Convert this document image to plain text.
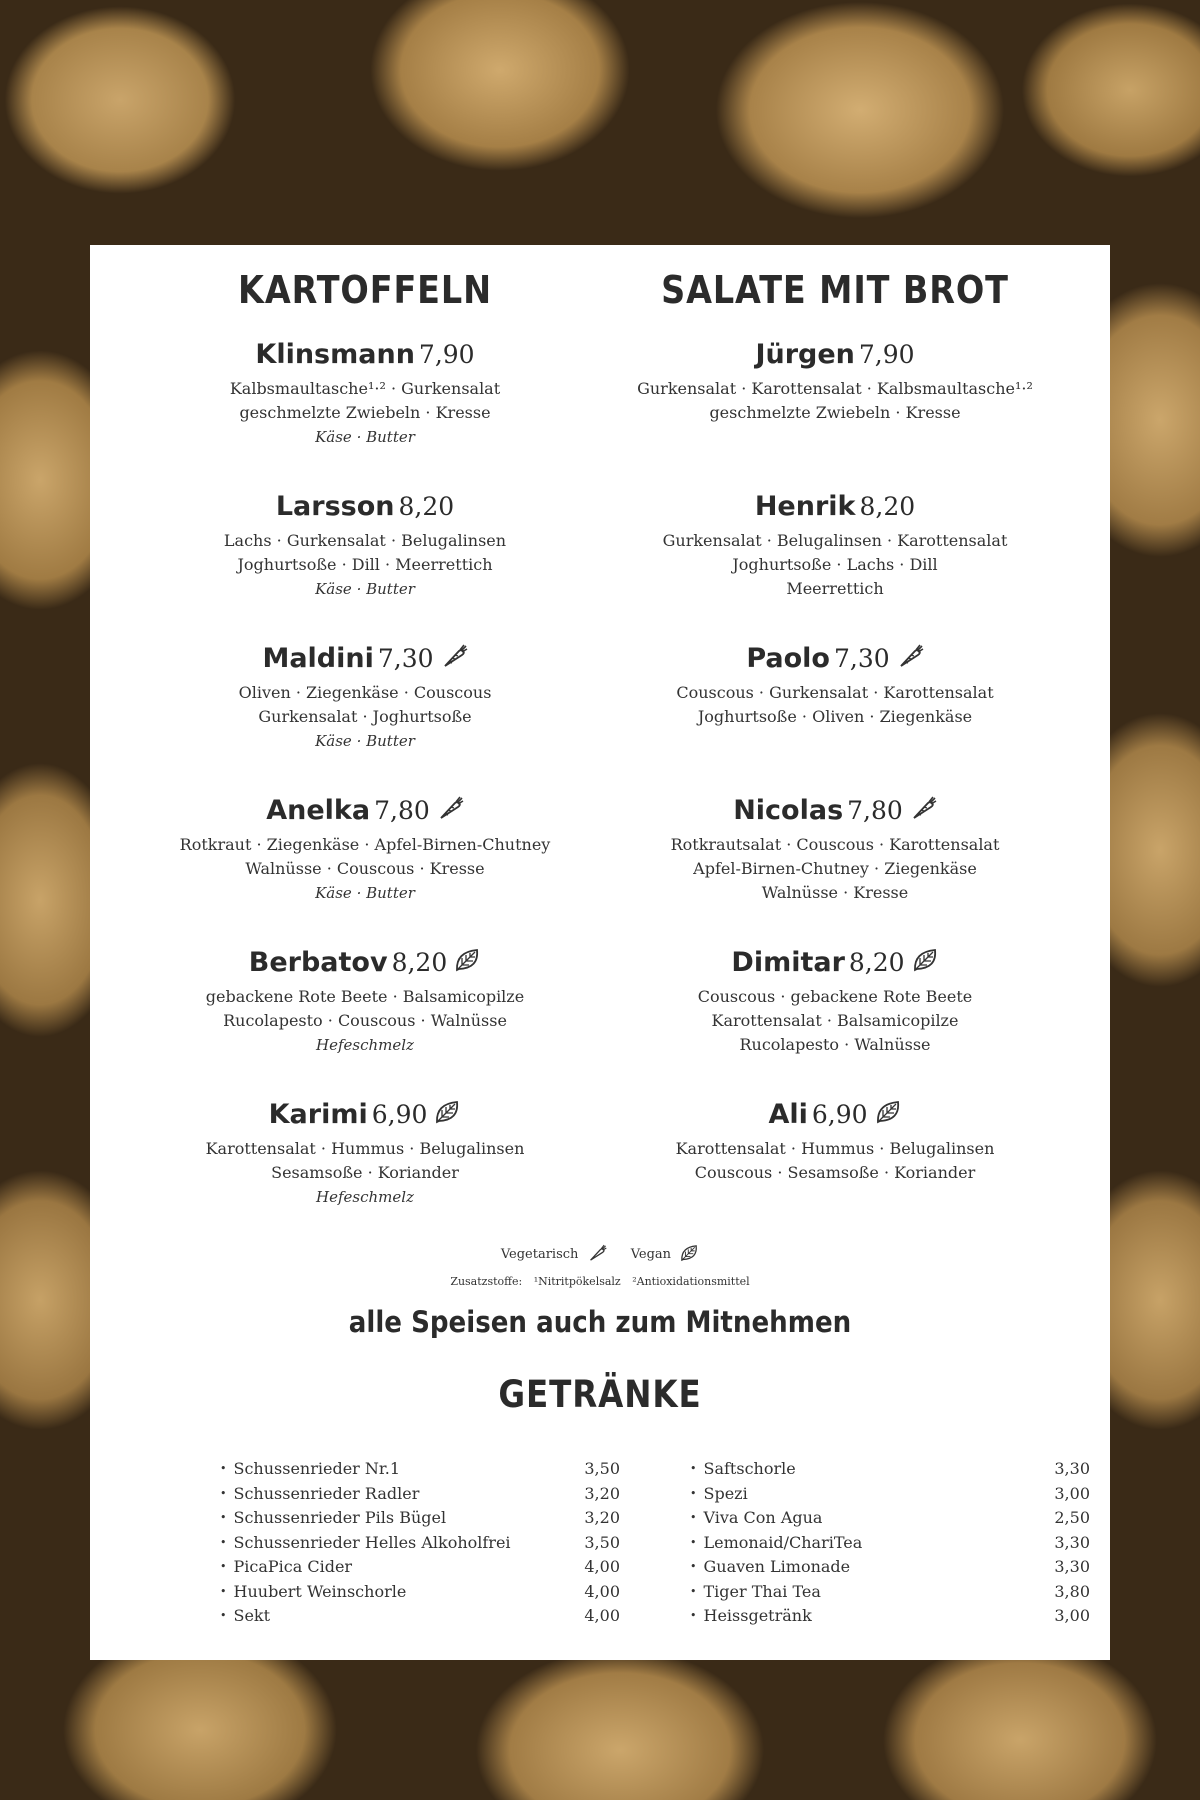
KARTOFFELN
Klinsmann 7,90
Kalbsmaultasche¹·² · Gurkensalat
geschmelzte Zwiebeln · Kresse
Käse · Butter
Larsson 8,20
Lachs · Gurkensalat · Belugalinsen
Joghurtsoße · Dill · Meerrettich
Käse · Butter
Maldini 7,30
Oliven · Ziegenkäse · Couscous
Gurkensalat · Joghurtsoße
Käse · Butter
Anelka 7,80
Rotkraut · Ziegenkäse · Apfel-Birnen-Chutney
Walnüsse · Couscous · Kresse
Käse · Butter
Berbatov 8,20
gebackene Rote Beete · Balsamicopilze
Rucolapesto · Couscous · Walnüsse
Hefeschmelz
Karimi 6,90
Karottensalat · Hummus · Belugalinsen
Sesamsoße · Koriander
Hefeschmelz
SALATE MIT BROT
Jürgen 7,90
Gurkensalat · Karottensalat · Kalbsmaultasche¹·²
geschmelzte Zwiebeln · Kresse
Henrik 8,20
Gurkensalat · Belugalinsen · Karottensalat
Joghurtsoße · Lachs · Dill
Meerrettich
Paolo 7,30
Couscous · Gurkensalat · Karottensalat
Joghurtsoße · Oliven · Ziegenkäse
Nicolas 7,80
Rotkrautsalat · Couscous · Karottensalat
Apfel-Birnen-Chutney · Ziegenkäse
Walnüsse · Kresse
Dimitar 8,20
Couscous · gebackene Rote Beete
Karottensalat · Balsamicopilze
Rucolapesto · Walnüsse
Ali 6,90
Karottensalat · Hummus · Belugalinsen
Couscous · Sesamsoße · Koriander
Vegetarisch	Vegan
Zusatzstoffe: ¹Nitritpökelsalz ²Antioxidationsmittel
alle Speisen auch zum Mitnehmen
GETRÄNKE
• Schussenrieder Nr.1	3,50
• Schussenrieder Radler	3,20
• Schussenrieder Pils Bügel	3,20
• Schussenrieder Helles Alkoholfrei	3,50
• PicaPica Cider	4,00
• Huubert Weinschorle	4,00
• Sekt	4,00
• Saftschorle	3,30
• Spezi	3,00
• Viva Con Agua	2,50
• Lemonaid/ChariTea	3,30
• Guaven Limonade	3,30
• Tiger Thai Tea	3,80
• Heissgetränk	3,00
